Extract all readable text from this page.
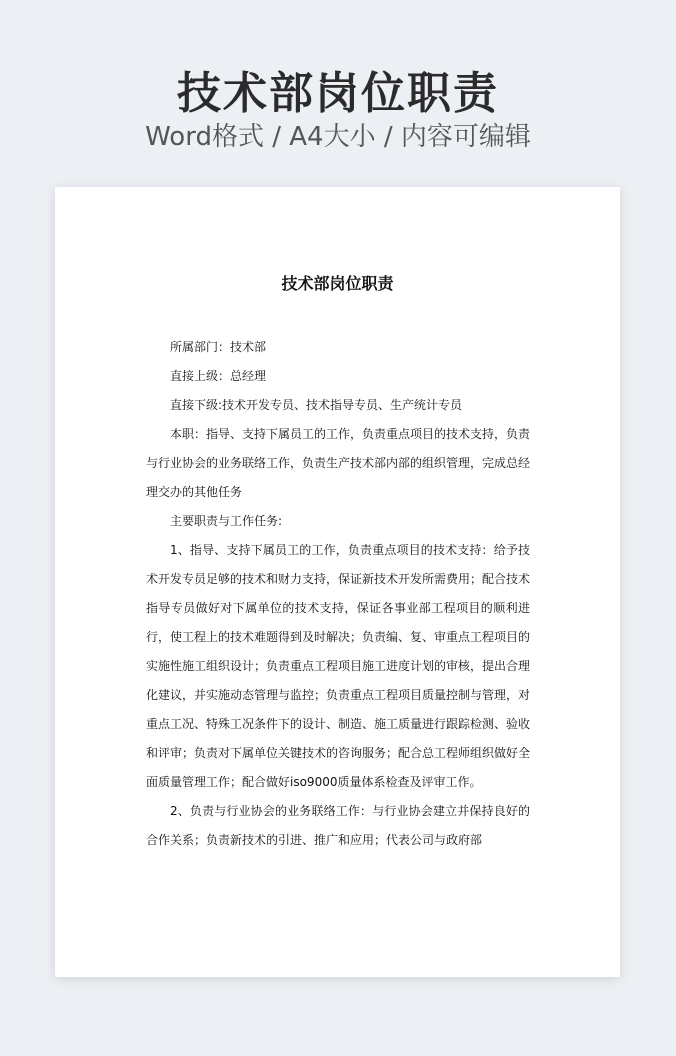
技术部岗位职责
Word格式 / A4大小 / 内容可编辑
技术部岗位职责

所属部门：技术部

直接上级：总经理

直接下级:技术开发专员、技术指导专员、生产统计专员

本职：指导、支持下属员工的工作，负责重点项目的技术支持，负责与行业协会的业务联络工作，负责生产技术部内部的组织管理，完成总经理交办的其他任务

主要职责与工作任务:

1、指导、支持下属员工的工作，负责重点项目的技术支持：给予技术开发专员足够的技术和财力支持，保证新技术开发所需费用；配合技术指导专员做好对下属单位的技术支持，保证各事业部工程项目的顺利进行，使工程上的技术难题得到及时解决；负责编、复、审重点工程项目的实施性施工组织设计；负责重点工程项目施工进度计划的审核，提出合理化建议，并实施动态管理与监控；负责重点工程项目质量控制与管理，对重点工况、特殊工况条件下的设计、制造、施工质量进行跟踪检测、验收和评审；负责对下属单位关键技术的咨询服务；配合总工程师组织做好全面质量管理工作；配合做好iso9000质量体系检查及评审工作。

2、负责与行业协会的业务联络工作：与行业协会建立并保持良好的合作关系；负责新技术的引进、推广和应用；代表公司与政府部
